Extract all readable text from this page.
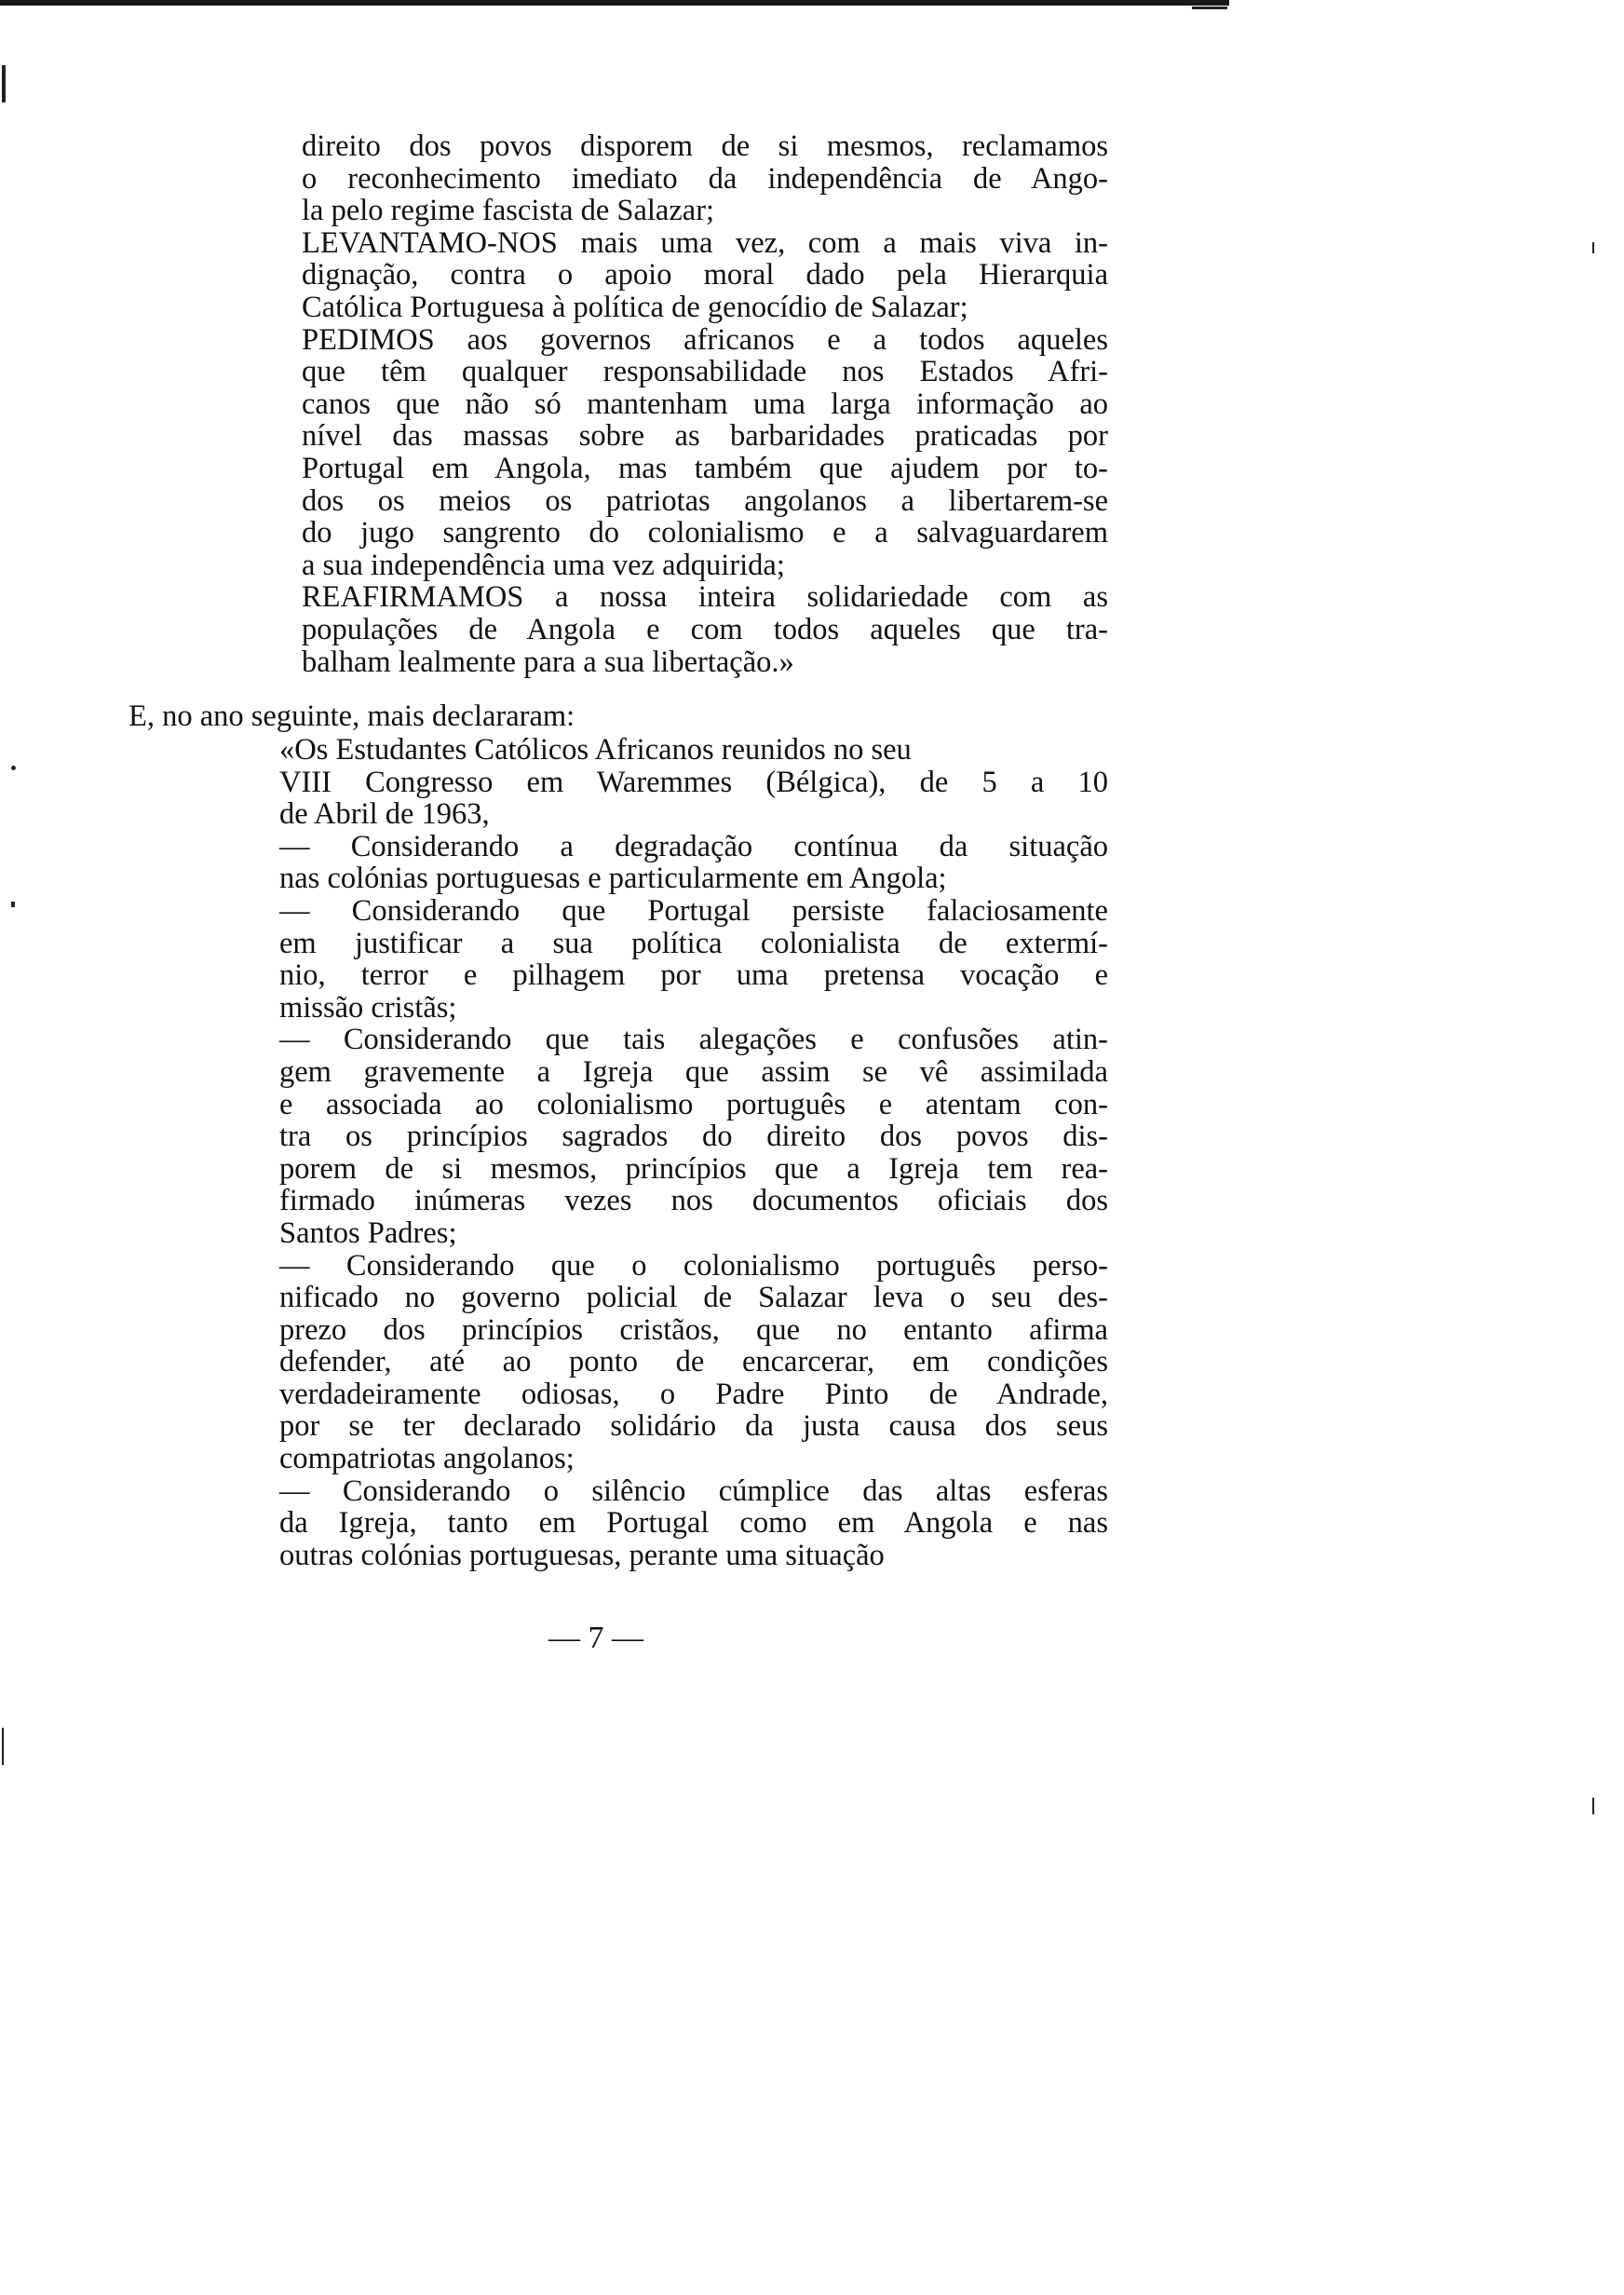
direito dos povos disporem de si mesmos, reclamamos
o reconhecimento imediato da independência de Ango-
la pelo regime fascista de Salazar;
LEVANTAMO-NOS mais uma vez, com a mais viva in-
dignação, contra o apoio moral dado pela Hierarquia
Católica Portuguesa à política de genocídio de Salazar;
PEDIMOS aos governos africanos e a todos aqueles
que têm qualquer responsabilidade nos Estados Afri-
canos que não só mantenham uma larga informação ao
nível das massas sobre as barbaridades praticadas por
Portugal em Angola, mas também que ajudem por to-
dos os meios os patriotas angolanos a libertarem-se
do jugo sangrento do colonialismo e a salvaguardarem
a sua independência uma vez adquirida;
REAFIRMAMOS a nossa inteira solidariedade com as
populações de Angola e com todos aqueles que tra-
balham lealmente para a sua libertação.»
E, no ano seguinte, mais declararam:
«Os Estudantes Católicos Africanos reunidos no seu
VIII Congresso em Waremmes (Bélgica), de 5 a 10
de Abril de 1963,
— Considerando a degradação contínua da situação
nas colónias portuguesas e particularmente em Angola;
— Considerando que Portugal persiste falaciosamente
em justificar a sua política colonialista de extermí-
nio, terror e pilhagem por uma pretensa vocação e
missão cristãs;
— Considerando que tais alegações e confusões atin-
gem gravemente a Igreja que assim se vê assimilada
e associada ao colonialismo português e atentam con-
tra os princípios sagrados do direito dos povos dis-
porem de si mesmos, princípios que a Igreja tem rea-
firmado inúmeras vezes nos documentos oficiais dos
Santos Padres;
— Considerando que o colonialismo português perso-
nificado no governo policial de Salazar leva o seu des-
prezo dos princípios cristãos, que no entanto afirma
defender, até ao ponto de encarcerar, em condições
verdadeiramente odiosas, o Padre Pinto de Andrade,
por se ter declarado solidário da justa causa dos seus
compatriotas angolanos;
— Considerando o silêncio cúmplice das altas esferas
da Igreja, tanto em Portugal como em Angola e nas
outras colónias portuguesas, perante uma situação
— 7 —
